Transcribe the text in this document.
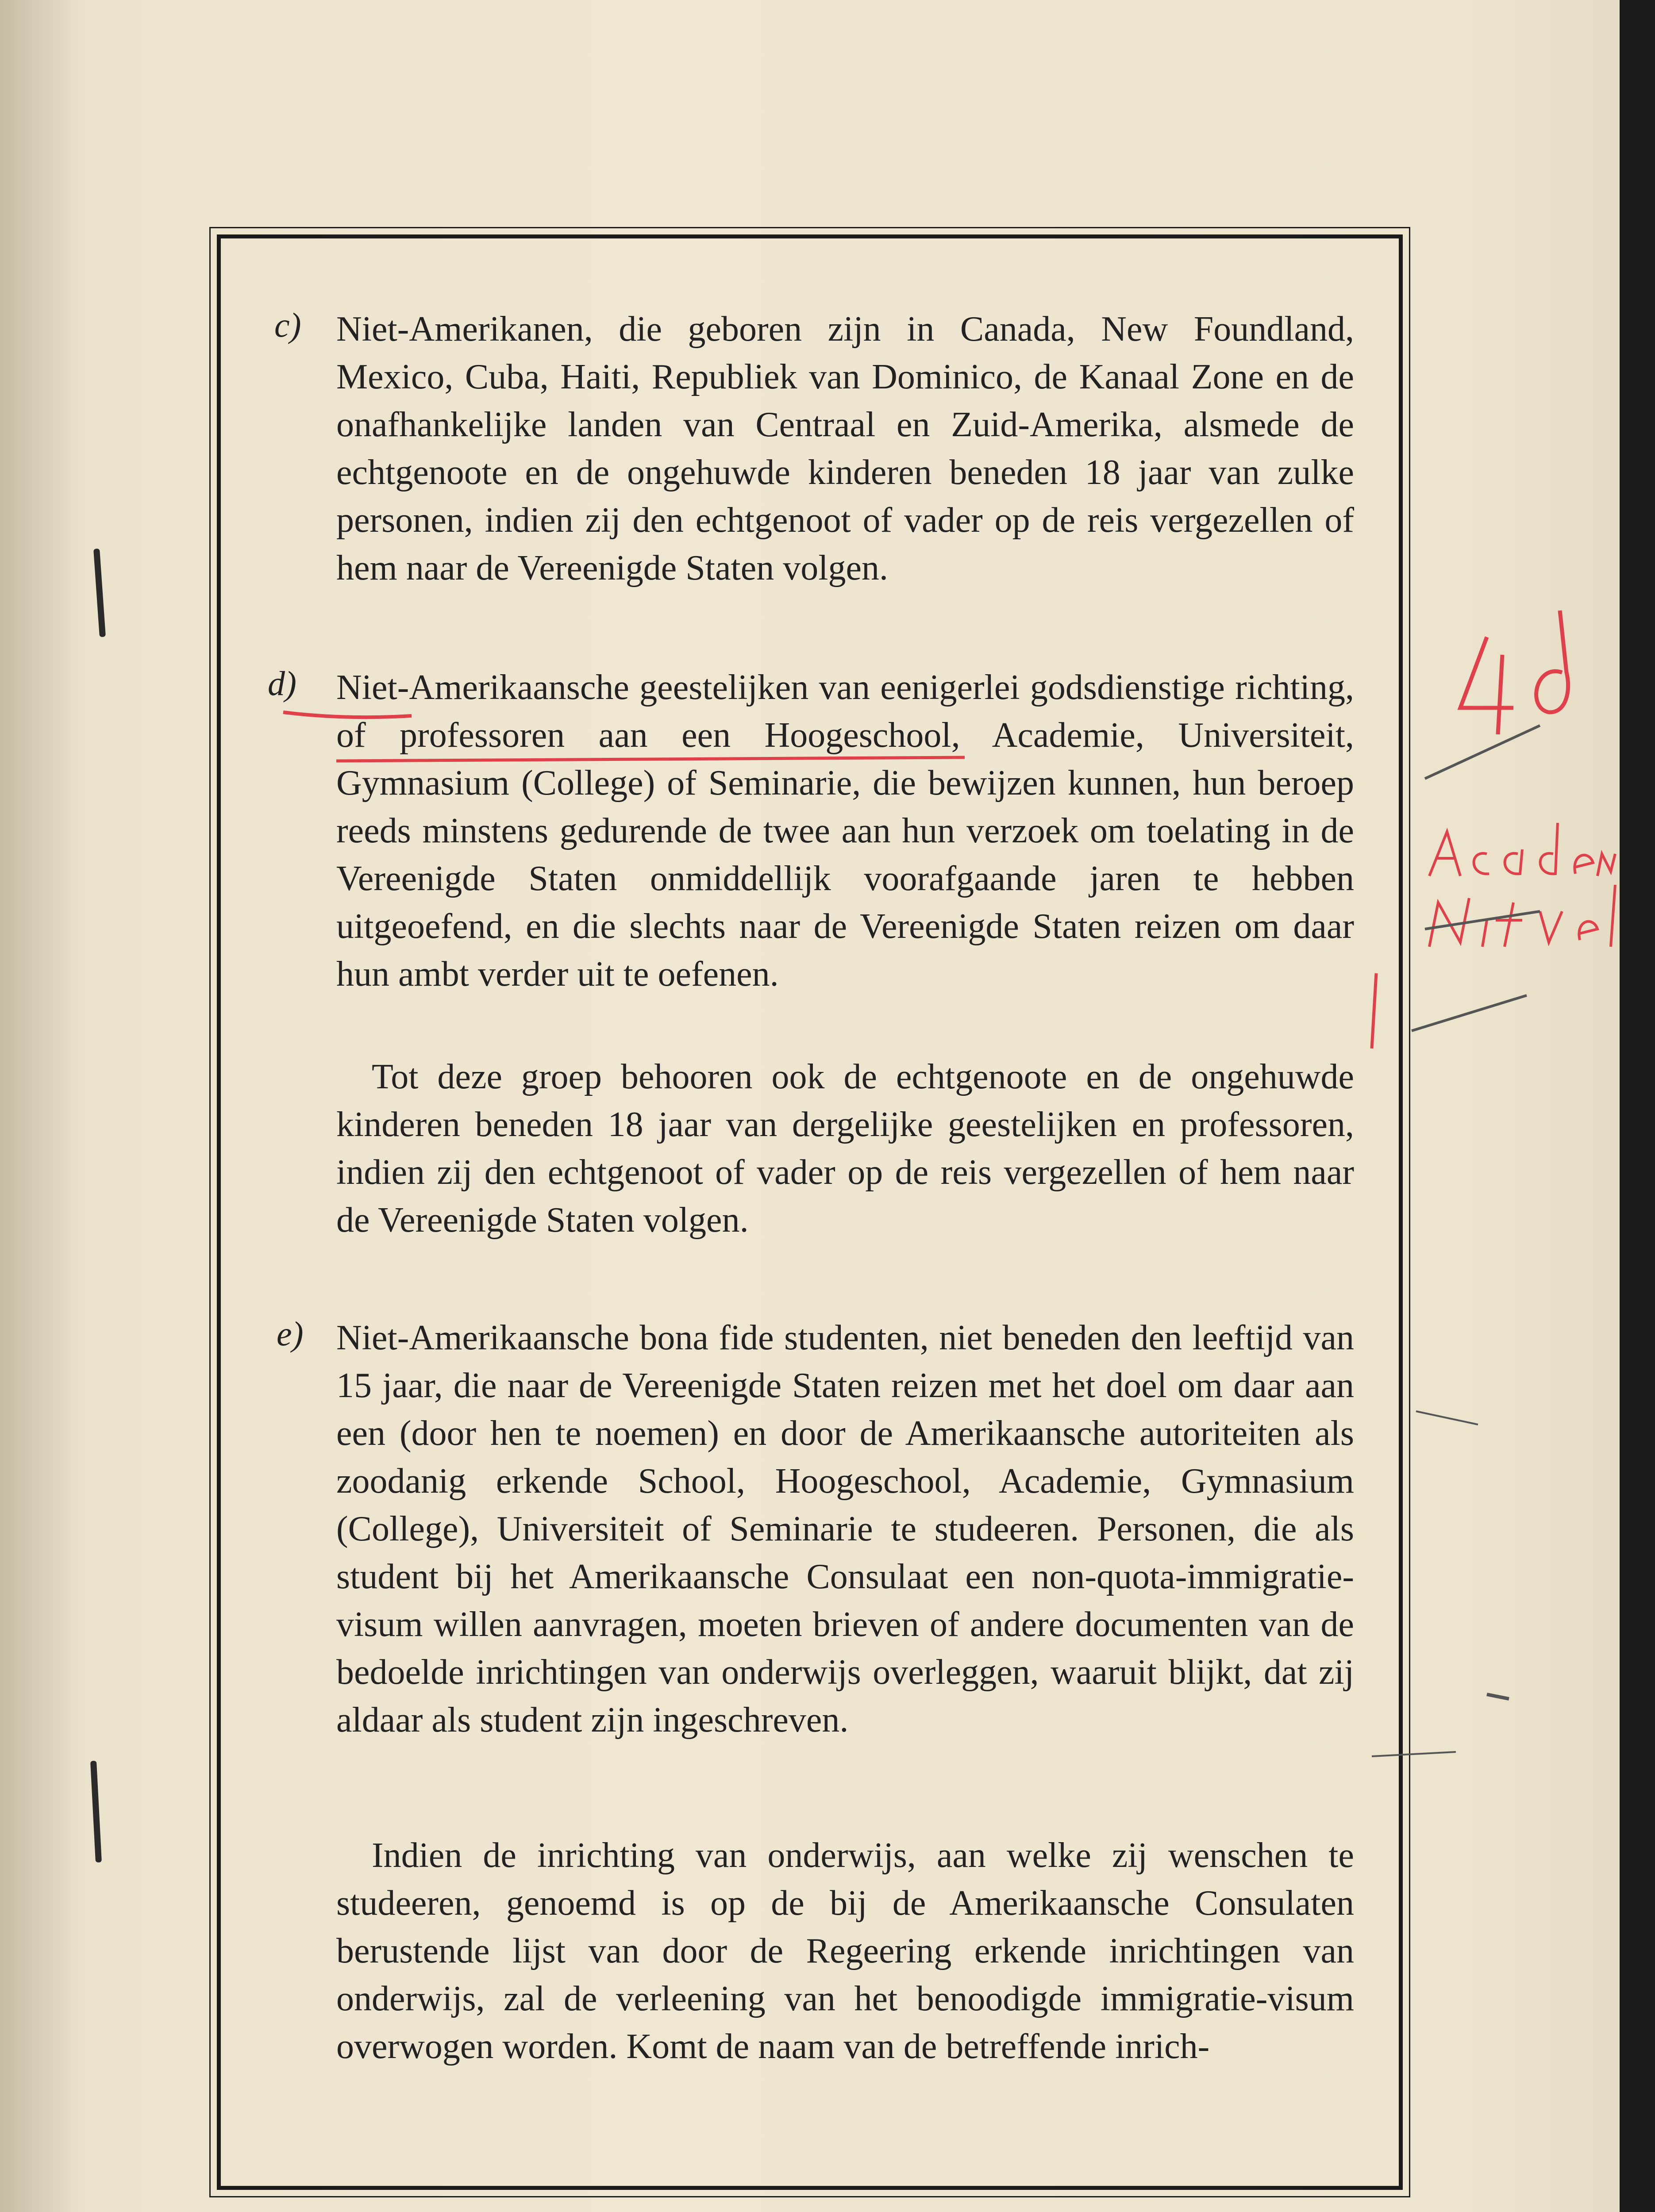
c) Niet-Amerikanen, die geboren zijn in Canada, New Foundland, Mexico, Cuba, Haiti, Republiek van Dominico, de Kanaal Zone en de onafhankelijke landen van Centraal en Zuid-Amerika, alsmede de echtgenoote en de ongehuwde kinderen beneden 18 jaar van zulke personen, indien zij den echtgenoot of vader op de reis vergezellen of hem naar de Vereenigde Staten volgen.
d) Niet-Amerikaansche geestelijken van eenigerlei godsdienstige richting, of professoren aan een Hoogeschool, Academie, Universiteit, Gymnasium (College) of Seminarie, die bewijzen kunnen, hun beroep reeds minstens gedurende de twee aan hun verzoek om toelating in de Vereenigde Staten onmiddellijk voorafgaande jaren te hebben uitgeoefend, en die slechts naar de Vereenigde Staten reizen om daar hun ambt verder uit te oefenen.
Tot deze groep behooren ook de echtgenoote en de ongehuwde kinderen beneden 18 jaar van dergelijke geestelijken en professoren, indien zij den echtgenoot of vader op de reis vergezellen of hem naar de Vereenigde Staten volgen.
e) Niet-Amerikaansche bona fide studenten, niet beneden den leeftijd van 15 jaar, die naar de Vereenigde Staten reizen met het doel om daar aan een (door hen te noemen) en door de Amerikaansche autoriteiten als zoodanig erkende School, Hoogeschool, Academie, Gymnasium (College), Universiteit of Seminarie te studeeren. Personen, die als student bij het Amerikaansche Consulaat een non-quota-immigratie-visum willen aanvragen, moeten brieven of andere documenten van de bedoelde inrichtingen van onderwijs overleggen, waaruit blijkt, dat zij aldaar als student zijn ingeschreven.
Indien de inrichting van onderwijs, aan welke zij wenschen te studeeren, genoemd is op de bij de Amerikaansche Consulaten berustende lijst van door de Regeering erkende inrichtingen van onderwijs, zal de verleening van het benoodigde immigratie-visum overwogen worden. Komt de naam van de betreffende inrich-
